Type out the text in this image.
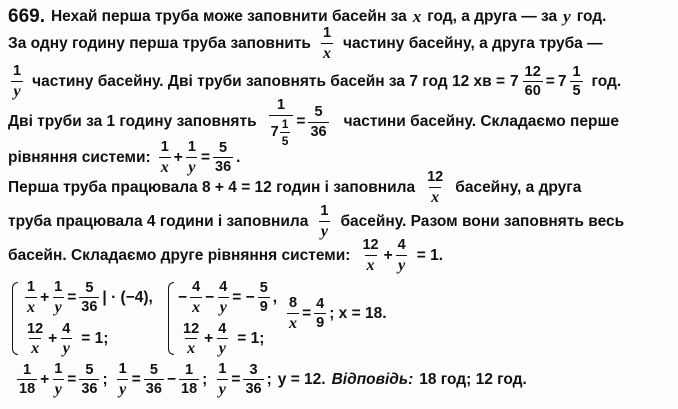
669. Нехай перша труба може заповнити басейн за x год, а друга — за y год.
За одну годину перша труба заповнить $\frac{1}{x}$ частину басейну, а друга труба —
$\frac{1}{y}$ частину басейну. Дві труби заповнять басейн за 7 год 12 хв = $7 \frac{12}{60} = 7 \frac{1}{5}$ год.
Дві труби за 1 годину заповнять $\frac{1}{7 \frac{1}{5}} = \frac{5}{36}$ частини басейну. Складаємо перше
рівняння системи: $\frac{1}{x} + \frac{1}{y} = \frac{5}{36}$ .
Перша труба працювала 8 + 4 = 12 годин і заповнила $\frac{12}{x}$ басейну, а друга
труба працювала 4 години і заповнила $\frac{1}{y}$ басейну. Разом вони заповнять весь
басейн. Складаємо друге рівняння системи: $\frac{12}{x} + \frac{4}{y} = 1$.
$\frac{1}{x} + \frac{1}{y} = \frac{5}{36}$ | · (−4),
$\frac{12}{x} + \frac{4}{y} = 1$;
− $\frac{4}{x} - \frac{4}{y}$ = − $\frac{5}{9}$ ,
$\frac{12}{x} + \frac{4}{y} = 1$;
$\frac{8}{x} = \frac{4}{9}$ ; x = 18.
$\frac{1}{18} + \frac{1}{y} = \frac{5}{36}$ ; $\frac{1}{y} = \frac{5}{36} - \frac{1}{18}$ ; $\frac{1}{y} = \frac{3}{36}$ ; y = 12. Відповідь: 18 год; 12 год.
